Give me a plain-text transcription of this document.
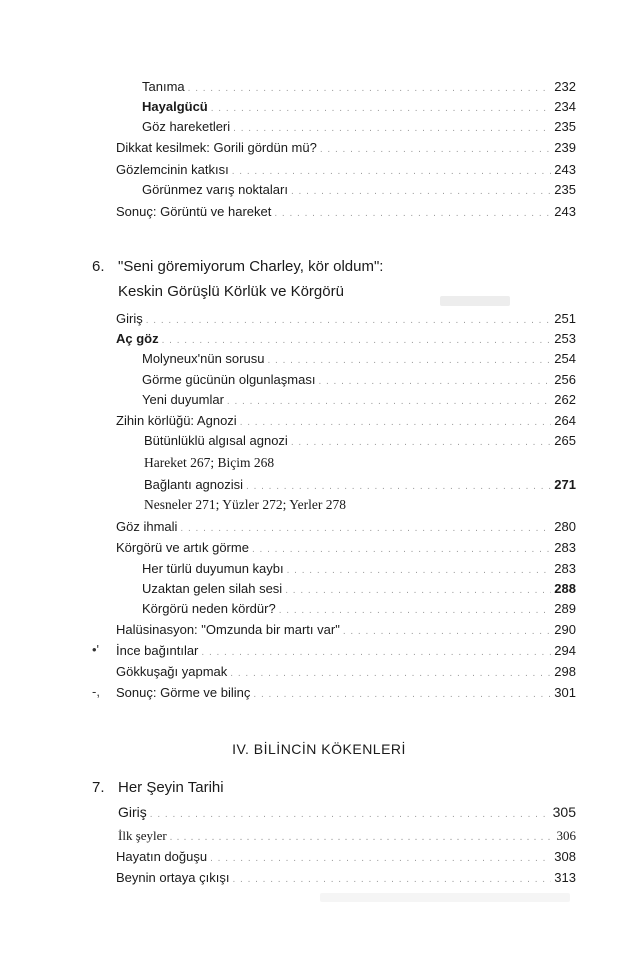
Tanıma . . .	232
Hayalgücü . . .	234
Göz hareketleri . . .	235
Dikkat kesilmek: Gorili gördün mü? . . .	239
Gözlemcinin katkısı . . .	243
Görünmez varış noktaları . . .	235
Sonuç: Görüntü ve hareket . . .	243
6. "Seni göremiyorum Charley, kör oldum":
Keskin Görüşlü Körlük ve Körgörü
Giriş . . .	251
Aç göz . . .	253
Molyneux'nün sorusu . . .	254
Görme gücünün olgunlaşması . . .	256
Yeni duyumlar . . .	262
Zihin körlüğü: Agnozi . . .	264
Bütünlüklü algısal agnozi . . .	265
Hareket 267; Biçim 268
Bağlantı agnozisi . . .	271
Nesneler 271; Yüzler 272; Yerler 278
Göz ihmali . . .	280
Körgörü ve artık görme . . .	283
Her türlü duyumun kaybı . . .	283
Uzaktan gelen silah sesi . . .	288
Körgörü neden kördür? . . .	289
Halüsinasyon: "Omzunda bir martı var" . . .	290
•' İnce bağıntılar . . .	294
Gökkuşağı yapmak . . .	298
-, Sonuç: Görme ve bilinç . . .	301
IV. BİLİNCİN KÖKENLERİ
7. Her Şeyin Tarihi
Giriş . . .	305
İlk şeyler . . .	306
Hayatın doğuşu . . .	308
Beynin ortaya çıkışı . . .	313
